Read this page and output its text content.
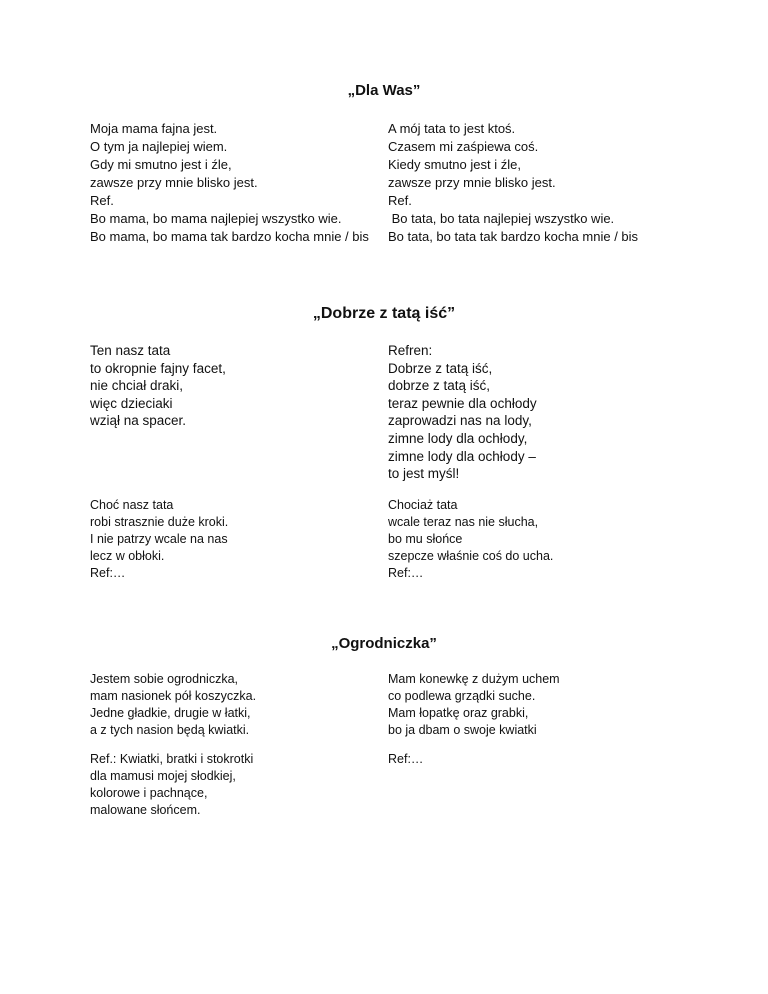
„Dla Was”
Moja mama fajna jest.
O tym ja najlepiej wiem.
Gdy mi smutno jest i źle,
zawsze przy mnie blisko jest.
Ref.
Bo mama, bo mama najlepiej wszystko wie.
Bo mama, bo mama tak bardzo kocha mnie / bis
A mój tata to jest ktoś.
Czasem mi zaśpiewa coś.
Kiedy smutno jest i źle,
zawsze przy mnie blisko jest.
Ref.
Bo tata, bo tata najlepiej wszystko wie.
Bo tata, bo tata tak bardzo kocha mnie / bis
„Dobrze z tatą iść”
Ten nasz tata
to okropnie fajny facet,
nie chciał draki,
więc dzieciaki
wziął na spacer.
Refren:
Dobrze z tatą iść,
dobrze z tatą iść,
teraz pewnie dla ochłody
zaprowadzi nas na lody,
zimne lody dla ochłody,
zimne lody dla ochłody –
to jest myśl!
Choć nasz tata
robi strasznie duże kroki.
I nie patrzy wcale na nas
lecz w obłoki.
Ref:…
Chociaż tata
wcale teraz nas nie słucha,
bo mu słońce
szepcze właśnie coś do ucha.
Ref:…
„Ogrodniczka”
Jestem sobie ogrodniczka,
mam nasionek pół koszyczka.
Jedne gładkie, drugie w łatki,
a z tych nasion będą kwiatki.
Mam konewkę z dużym uchem
co podlewa grządki suche.
Mam łopatkę oraz grabki,
bo ja dbam o swoje kwiatki
Ref.: Kwiatki, bratki i stokrotki
dla mamusi mojej słodkiej,
kolorowe i pachnące,
malowane słońcem.
Ref:…
